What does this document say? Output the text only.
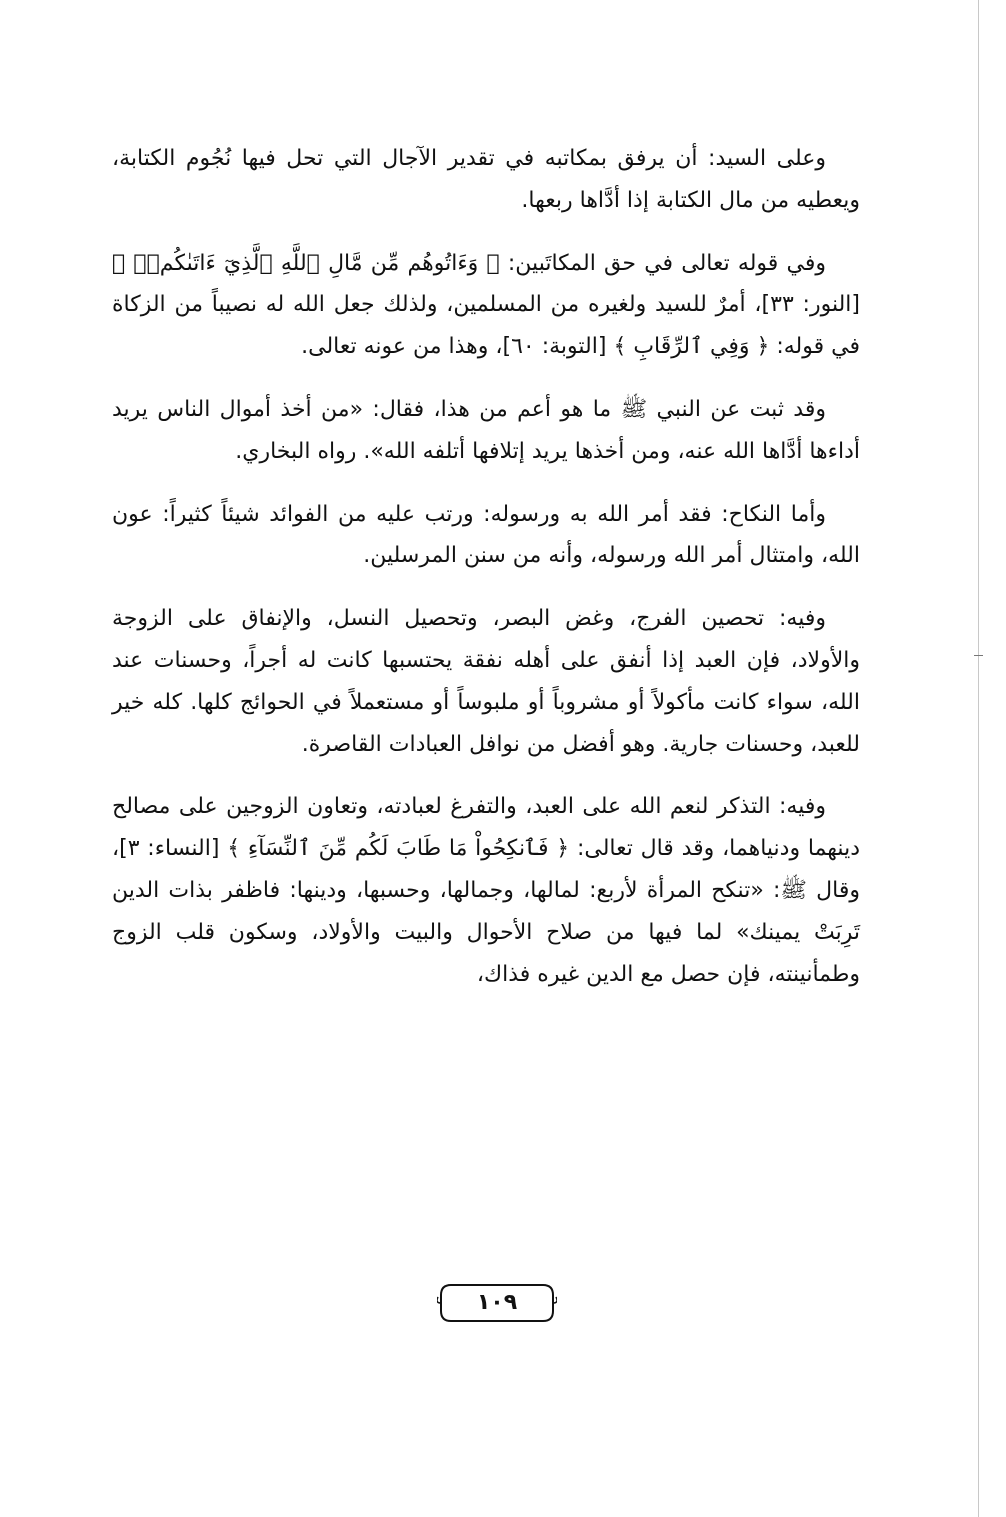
وعلى السيد: أن يرفق بمكاتبه في تقدير الآجال التي تحل فيها نُجُوم الكتابة، ويعطيه من مال الكتابة إذا أدَّاها ربعها.

وفي قوله تعالى في حق المكاتَبين: ﴿ وَءَاتُوهُم مِّن مَّالِ ٱللَّهِ ٱلَّذِيٓ ءَاتَىٰكُمۡۚ ﴾ [النور: ٣٣]، أمرٌ للسيد ولغيره من المسلمين، ولذلك جعل الله له نصيباً من الزكاة في قوله: ﴿ وَفِي ٱلرِّقَابِ ﴾ [التوبة: ٦٠]، وهذا من عونه تعالى.

وقد ثبت عن النبي ﷺ ما هو أعم من هذا، فقال: «من أخذ أموال الناس يريد أداءها أدَّاها الله عنه، ومن أخذها يريد إتلافها أتلفه الله». رواه البخاري.

وأما النكاح: فقد أمر الله به ورسوله: ورتب عليه من الفوائد شيئاً كثيراً: عون الله، وامتثال أمر الله ورسوله، وأنه من سنن المرسلين.

وفيه: تحصين الفرج، وغض البصر، وتحصيل النسل، والإنفاق على الزوجة والأولاد، فإن العبد إذا أنفق على أهله نفقة يحتسبها كانت له أجراً، وحسنات عند الله، سواء كانت مأكولاً أو مشروباً أو ملبوساً أو مستعملاً في الحوائج كلها. كله خير للعبد، وحسنات جارية. وهو أفضل من نوافل العبادات القاصرة.

وفيه: التذكر لنعم الله على العبد، والتفرغ لعبادته، وتعاون الزوجين على مصالح دينهما ودنياهما، وقد قال تعالى: ﴿ فَٱنكِحُواْ مَا طَابَ لَكُم مِّنَ ٱلنِّسَآءِ ﴾ [النساء: ٣]، وقال ﷺ: «تنكح المرأة لأربع: لمالها، وجمالها، وحسبها، ودينها: فاظفر بذات الدين تَرِبَتْ يمينك» لما فيها من صلاح الأحوال والبيت والأولاد، وسكون قلب الزوج وطمأنينته، فإن حصل مع الدين غيره فذاك،

١٠٩
